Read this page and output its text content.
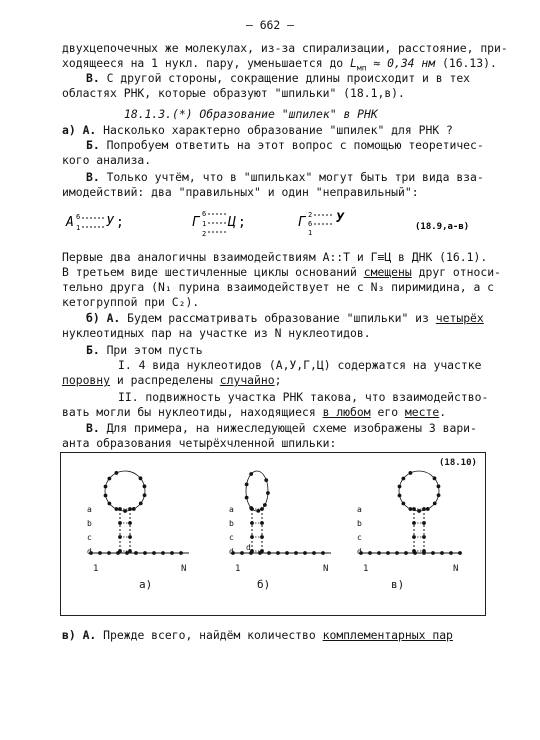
– 662 –
двухцепочечных же молекулах, из-за спирализации, расстояние, при-
ходящееся на 1 нукл. пару, уменьшается до $L_{мп} \approx 0,34$ нм (16.13).
В. С другой стороны, сокращение длины происходит и в тех
областях РНК, которые образуют "шпильки" (18.1,в).
18.1.3.(*) Образование "шпилек" в РНК
а) А. Насколько характерно образование "шпилек" для РНК ?
Б. Попробуем ответить на этот вопрос с помощью теоретичес-
кого анализа.
В. Только учтём, что в "шпильках" могут быть три вида вза-
имодействий: два "правильных" и один "неправильный":
А 6
1 У ;	Г
6
1
2
Ц ;	Г 2
6
1
У
(18.9,а-в)
Первые два аналогичны взаимодействиям А::Т и Г≡Ц в ДНК (16.1).
В третьем виде шестичленные циклы оснований смещены друг относи-
тельно друга (N₁ пурина взаимодействует не с N₃ пиримидина, а с
кетогруппой при C₂).
б) А. Будем рассматривать образование "шпильки" из четырёх
нуклеотидных пар на участке из N нуклеотидов.
Б. При этом пусть
I. 4 вида нуклеотидов (А,У,Г,Ц) содержатся на участке
поровну и распределены случайно;
II. подвижность участка РНК такова, что взаимодейство-
вать могли бы нуклеотиды, находящиеся в любом его месте.
В. Для примера, на нижеследующей схеме изображены 3 вари-
анта образования четырёхчленной шпильки:
a
b
c
d
1	N
a
b
c
d
1	N
a
b
c
d
1	N
d
(18.10)
а)	б)	в)
в) А. Прежде всего, найдём количество комплементарных пар
